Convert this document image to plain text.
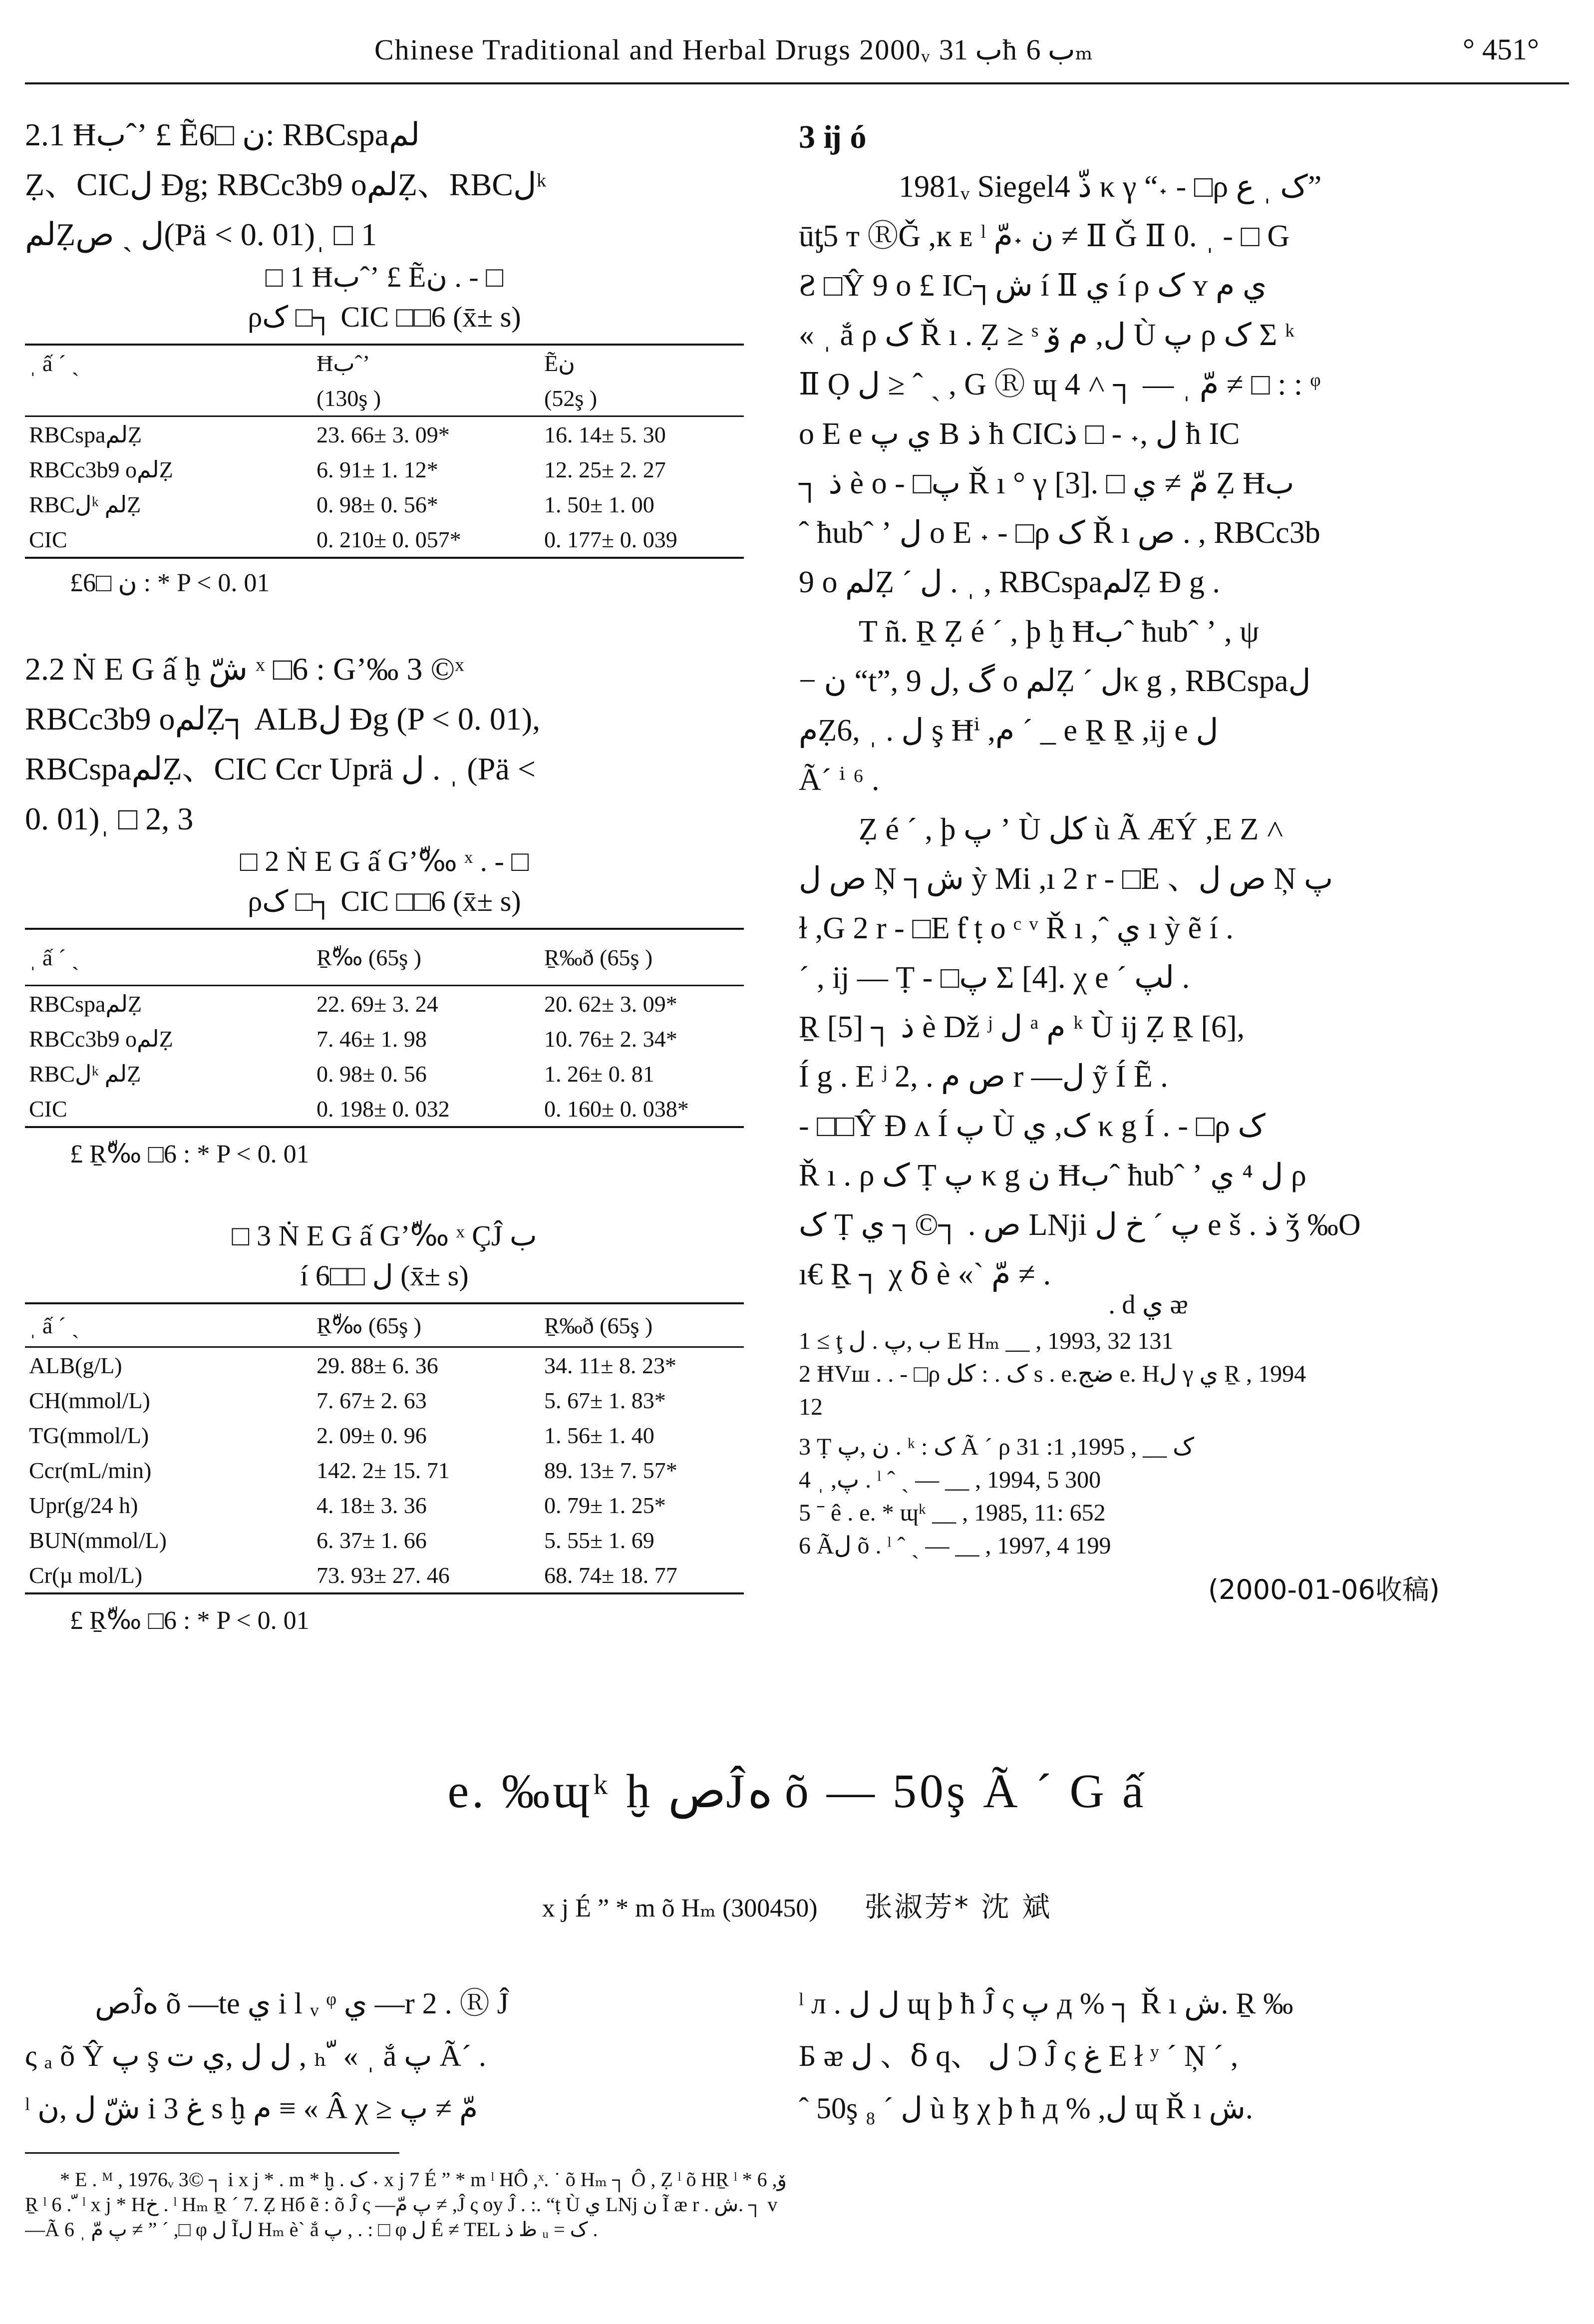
Chinese Traditional and Herbal Drugs 2000ᵥ ب 31ħ ب 6ₘ	° 451°
2.1 Ħبˆʼ £ Ẽن □6: RBCspaلم
Ẓ、CICل Ðg; RBCc3b9 oلمẒ、RBCلᵏ
لمẒل ˏ ص(Pä < 0. 01)ˌ □ 1
□ 1 Ħبˆʼ £ Ẽن . - □
ρک □┐ CIC □□6 (x̄± s)
ˌ ấ ˊ ˏ	Ħبˆʼ	Ẽن
	(130ş )	(52ş )
RBCspaلمẒ	23. 66± 3. 09*	16. 14± 5. 30
RBCc3b9 oلمẒ	6. 91± 1. 12*	12. 25± 2. 27
RBCلᵏ لمẒ	0. 98± 0. 56*	1. 50± 1. 00
CIC	0. 210± 0. 057*	0. 177± 0. 039
£ن □6 : * P < 0. 01
2.2 Ṅ E G ấ ḫ شّ ˣ □6 : Gʼ‰ 3 ©ˣ
RBCc3b9 oلمẒ┐ ALBل Ðg (P < 0. 01),
RBCspaلمẒ、CIC Ccr Uprä ل . ˌ (Pä <
0. 01)ˌ □ 2, 3
□ 2 Ṅ E G ấ Gʼ‰ّ ˣ . - □
ρک □┐ CIC □□6 (x̄± s)
ˌ ấ ˊ ˏ	Ṟ‰ّ (65ş )	Ṟ‰ð (65ş )
RBCspaلمẒ	22. 69± 3. 24	20. 62± 3. 09*
RBCc3b9 oلمẒ	7. 46± 1. 98	10. 76± 2. 34*
RBCلᵏ لمẒ	0. 98± 0. 56	1. 26± 0. 81
CIC	0. 198± 0. 032	0. 160± 0. 038*
£ Ṟ‰ّ □6 : * P < 0. 01
□ 3 Ṅ E G ấ Gʼ‰ّ ˣ ÇĴ ب
í ل □□6 (x̄± s)
ˌ ấ ˊ ˏ	Ṟ‰ّ (65ş )	Ṟ‰ð (65ş )
ALB(g/L)	29. 88± 6. 36	34. 11± 8. 23*
CH(mmol/L)	7. 67± 2. 63	5. 67± 1. 83*
TG(mmol/L)	2. 09± 0. 96	1. 56± 1. 40
Ccr(mL/min)	142. 2± 15. 71	89. 13± 7. 57*
Upr(g/24 h)	4. 18± 3. 36	0. 79± 1. 25*
BUN(mmol/L)	6. 37± 1. 66	5. 55± 1. 69
Cr(µ mol/L)	73. 93± 27. 46	68. 74± 18. 77
£ Ṟ‰ّ □6 : * P < 0. 01
3 ĳ ó
1981ᵥ Siegel4 ذّ κ γ “˖ - □ρ ک ˌ ع”
ūƫ5 ᴛ ⓇǦ ,ĸ ᴇ ˡ ن ˖مّ ≠ Ⅱ Ǧ Ⅱ 0. ˌ - □ G
Ƨ □Ŷ 9 o £ IC┐ش í Ⅱ ي í ρ ک ʏ ي م
« ˌ ắ ρ ک Ř ı . Ẓ ≥ ˢ ل, م ۆ Ù پ ρ ک Σ ᵏ
Ⅱ Ọ ل ≥ ˆ ˏ , G Ⓡ ɰ 4 ˄ ┐ — ˌ مّ ≠ □ : : ᵠ
o E e ي پ B ذ ħ CICل ,˖ - □ ذ ħ IC
┐ ذ è o - □پ Ř ı ° γ [3]. □ مّ ≠ ي Ẓ Ħب
ˆ ħubˆ ʼ ل o E ˖ - □ρ ک Ř ı ص . , RBCc3b
9 o لمẒ ˊ ل . ˌ , RBCspaلمẒ Ð g .
T ñ. Ṟ Ẓ é ˊ , þ ḫ Ħبˆ ħubˆ ʼ , ψ
− ن “t”, گ ,ل 9 o لمẒ ˊ لκ g , RBCspaل
مẒل . ˌ ,6 ş Ħⁱ ,م ˊ _ e Ṟ Ṟ ,ĳ e ل
Ãˊ ⁱ ⁶ .
Ẓ é ˊ , þ پ ʼ Ù کل ù Ã ÆÝ ,E Z ˄
ص ل Ņ ┐ش ỳ Mi ,ı 2 r - □E 、ص ل Ņ پ
ɫ ,G 2 r - □E ƭ ṭ o ᶜ ᵛ Ř ı ,ˆ ي ı ỳ ẽ í .
ˊ , ĳ — Ṭ - □پ Σ [4]. χ e ˊ لپ .
Ṟ [5] ┐ ذ è Dž ʲ ل ᵃ م ᵏ Ù ĳ Ẓ Ṟ [6],
Í g . E ʲ ص م . ,2 r —ل ỹ Í Ẽ .
- □□Ŷ Ð ʌ Í پ Ù ک, ي κ g Í . - □ρ ک
Ř ı . ρ ک Ṭ پ κ g ن Ħبˆ ħubˆ ʼ ل ⁴ ي ρ
ک Ṭ ص . ┐©┐ ي Lǋi پ ˊ خ ل e š . ذ ǯ ‰O
ı€ Ṟ ┐ χ ẟ è «` مّ ≠ .
. d ي ᴂ
1 ≤ ţ ب ,پ . ل E Hₘ __ , 1993, 32 131
2 ĦVш . . - □ρ ک . : کل s . e.ضج e. Hل γ ي Ṟ , 1994
12
3 Ṭ ن ,پ . ᵏ : ک Ã ˊ ρ ک __ , 1995, 1: 31
4 ˌ ,پ . ˡ ˆ ˏ — __ , 1994, 5 300
5 ˉ ê . e. * ɰᵏ __ , 1985, 11: 652
6 Ãل õ . ˡ ˆ ˏ — __ , 1997, 4 199
(2000-01-06收稿)
e. ‰ɰᵏ ḫ صĴه õ — 50ş Ã ˊ G ấ
x j É ˮ * m õ Hₘ (300450) 张淑芳* 沈 斌
صĴه õ —te ي i l ᵥ ᵠ ي —r 2 . Ⓡ Ĵ
ς ₐ õ Ŷ پ ş ل ل ,ي ت , ₕ ّ « ˌ ắ پ Ãˊ .
ˡ شّ ل ,ن i غ 3 s ḫ م ≡ « Â χ ≥ مّ ≠ پ
ˡ л . ل ل ɰ þ ħ Ĵ ς پ д % ┐ Ř ı ش. Ṟ ‰
Б ᴂ ل 、ẟ q、 ل Ɔ Ĵ ς غ E ł ʸ ˊ Ņ ˊ ,
ˆ 50ş ل ˊ ₈ ù ɮ χ þ ħ д % ,ل ɰ Ř ı ش.
* E . ᴹ , 1976ᵥ 3© ┐ i x j * . m * ḫ . ک ˖ x j 7 É ˮ * m ˡ HÔ ,ˣ. ˙ õ Hₘ ┐ Ô , Ẓ ˡ õ HṞ ˡ * 6 ,ۆ
Ṟ ˡ 6 . ّ ˡ x j * Hخ . ˡ Hₘ Ṟ ˊ 7. Ẓ Hб ẽ : õ Ĵ ς —پ مّ ≠ ,Ĵ ς oy Ĵ . :. “ṭ Ù ي Lǋ ن Ĩ æ r . ش. ┐ v
—Ã 6 ˌ پ مّ ≠ ” ˊ ,□ φ ل Ĩل Hₘ è` ắ پ , . : □ φ ل É ≠ TEL ظ ذ ᵤ = ک .
